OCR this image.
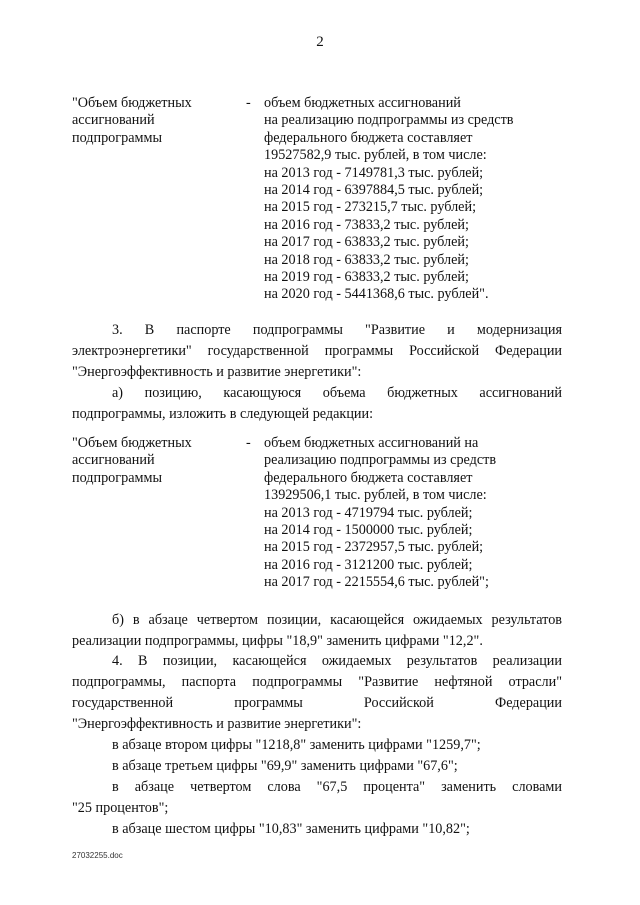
2
"Объем бюджетных
ассигнований
подпрограммы
- объем бюджетных ассигнований
на реализацию подпрограммы из средств
федерального бюджета составляет
19527582,9 тыс. рублей, в том числе:
на 2013 год - 7149781,3 тыс. рублей;
на 2014 год - 6397884,5 тыс. рублей;
на 2015 год - 273215,7 тыс. рублей;
на 2016 год - 73833,2 тыс. рублей;
на 2017 год - 63833,2 тыс. рублей;
на 2018 год - 63833,2 тыс. рублей;
на 2019 год - 63833,2 тыс. рублей;
на 2020 год - 5441368,6 тыс. рублей".
3. В паспорте подпрограммы "Развитие и модернизация
электроэнергетики" государственной программы Российской Федерации
"Энергоэффективность и развитие энергетики":
а) позицию, касающуюся объема бюджетных ассигнований
подпрограммы, изложить в следующей редакции:
"Объем бюджетных
ассигнований
подпрограммы
- объем бюджетных ассигнований на
реализацию подпрограммы из средств
федерального бюджета составляет
13929506,1 тыс. рублей, в том числе:
на 2013 год - 4719794 тыс. рублей;
на 2014 год - 1500000 тыс. рублей;
на 2015 год - 2372957,5 тыс. рублей;
на 2016 год - 3121200 тыс. рублей;
на 2017 год - 2215554,6 тыс. рублей";
б) в абзаце четвертом позиции, касающейся ожидаемых результатов
реализации подпрограммы, цифры "18,9" заменить цифрами "12,2".
4. В позиции, касающейся ожидаемых результатов реализации
подпрограммы, паспорта подпрограммы "Развитие нефтяной отрасли"
государственной программы Российской Федерации
"Энергоэффективность и развитие энергетики":
в абзаце втором цифры "1218,8" заменить цифрами "1259,7";
в абзаце третьем цифры "69,9" заменить цифрами "67,6";
в абзаце четвертом слова "67,5 процента" заменить словами
"25 процентов";
в абзаце шестом цифры "10,83" заменить цифрами "10,82";
27032255.doc
